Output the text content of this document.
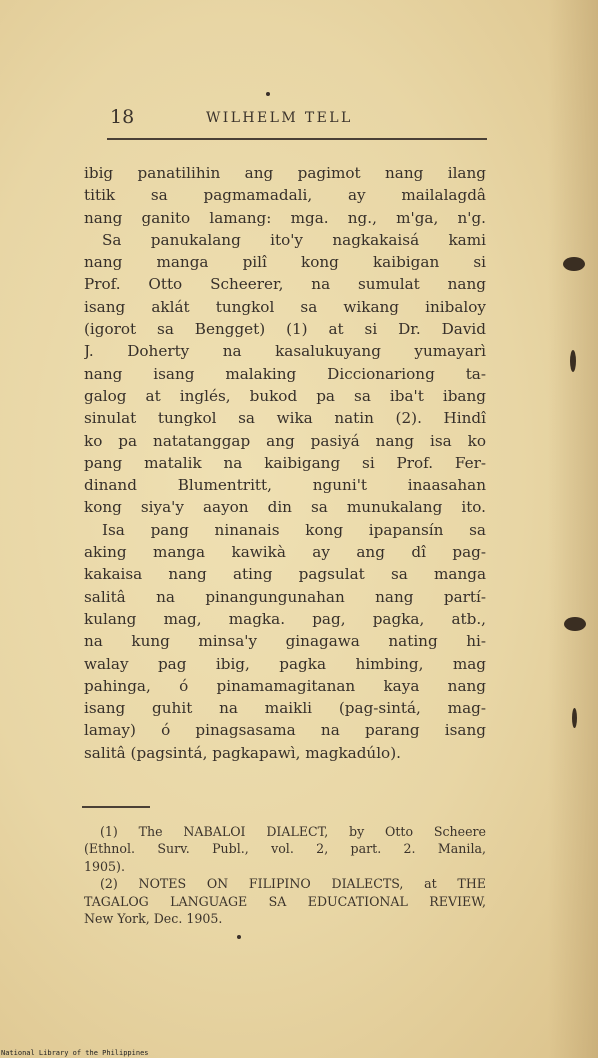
18	WILHELM TELL
ibig panatilihin ang pagimot nang ilang
titik sa pagmamadali, ay mailalagdâ
nang ganito lamang: mga. ng., m'ga, n'g.
Sa panukalang ito'y nagkakaisá kami
nang manga pilî kong kaibigan si
Prof. Otto Scheerer, na sumulat nang
isang aklát tungkol sa wikang inibaloy
(igorot sa Bengget) (1) at si Dr. David
J. Doherty na kasalukuyang yumayarì
nang isang malaking Diccionariong ta-
galog at inglés, bukod pa sa iba't ibang
sinulat tungkol sa wika natin (2). Hindî
ko pa natatanggap ang pasiyá nang isa ko
pang matalik na kaibigang si Prof. Fer-
dinand Blumentritt, nguni't inaasahan
kong siya'y aayon din sa munukalang ito.
Isa pang ninanais kong ipapansín sa
aking manga kawikà ay ang dî pag-
kakaisa nang ating pagsulat sa manga
salitâ na pinangungunahan nang partí-
kulang mag, magka. pag, pagka, atb.,
na kung minsa'y ginagawa nating hi-
walay pag ibig, pagka himbing, mag
pahinga, ó pinamamagitanan kaya nang
isang guhit na maikli (pag-sintá, mag-
lamay) ó pinagsasama na parang isang
salitâ (pagsintá, pagkapawì, magkadúlo).
(1) The NABALOI DIALECT, by Otto Scheere
(Ethnol. Surv. Publ., vol. 2, part. 2. Manila,
1905).
(2) NOTES ON FILIPINO DIALECTS, at THE
TAGALOG LANGUAGE SA EDUCATIONAL REVIEW,
New York, Dec. 1905.
National Library of the Philippines
